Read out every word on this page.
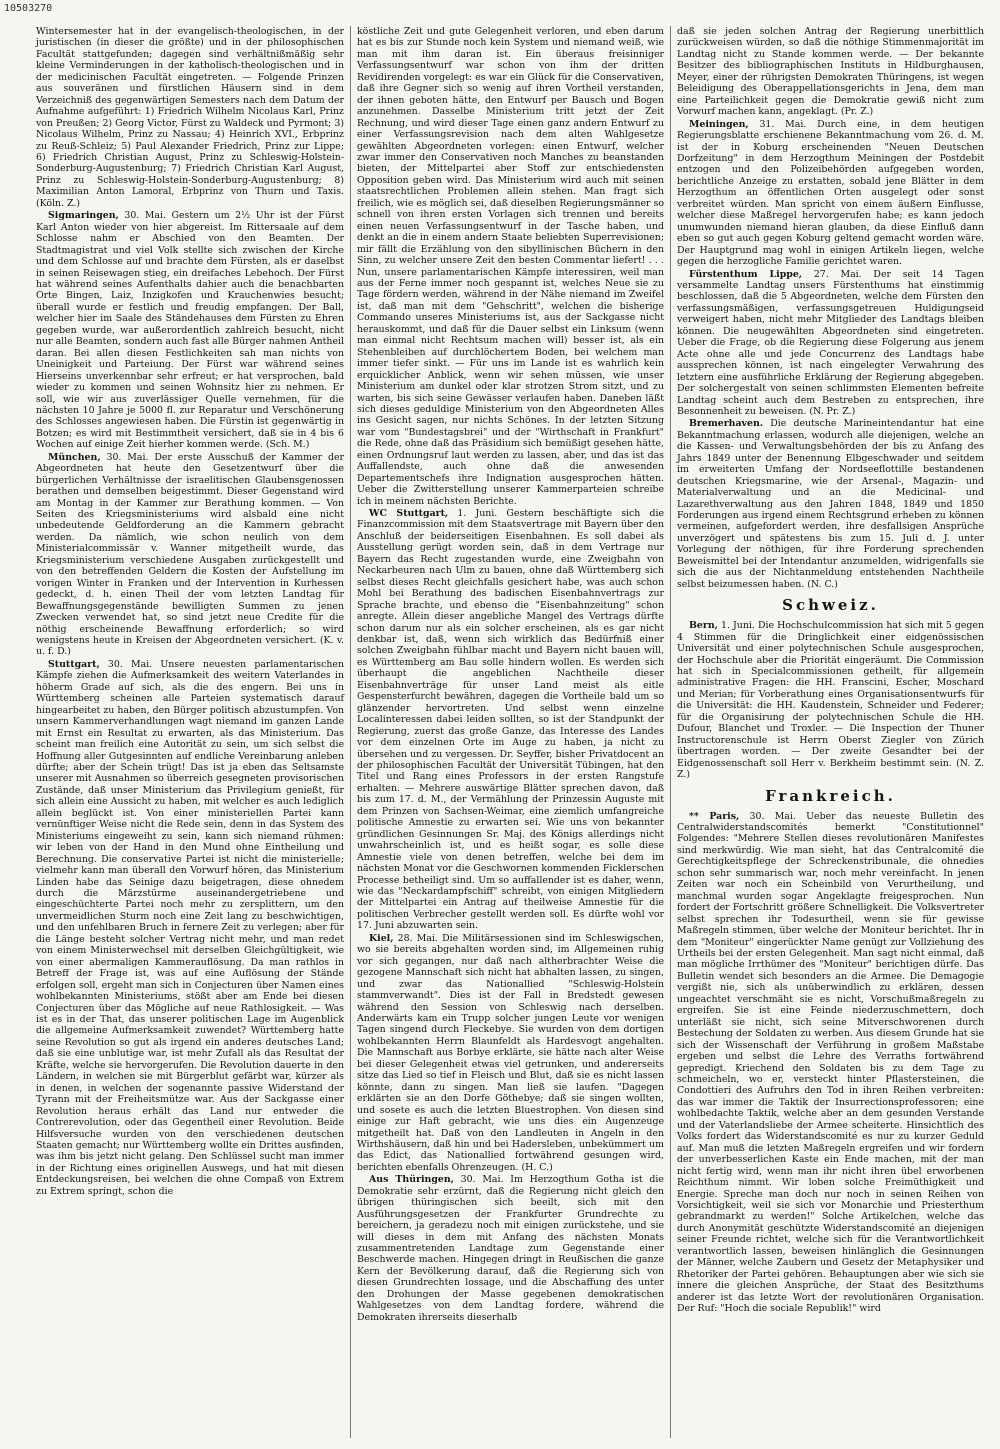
10503270

Wintersemester hat in der evangelisch-theologischen, in der juristischen (in dieser die größte) und in der philosophischen Facultät stattgefunden; dagegen sind verhältnißmäßig sehr kleine Verminderungen in der katholisch-theologischen und in der medicinischen Facultät eingetreten. — Folgende Prinzen aus souveränen und fürstlichen Häusern sind in dem Verzeichniß des gegenwärtigen Semesters nach dem Datum der Aufnahme aufgeführt: 1) Friedrich Wilhelm Nicolaus Karl, Prinz von Preußen; 2) Georg Victor, Fürst zu Waldeck und Pyrmont; 3) Nicolaus Wilhelm, Prinz zu Nassau; 4) Heinrich XVI., Erbprinz zu Reuß-Schleiz; 5) Paul Alexander Friedrich, Prinz zur Lippe; 6) Friedrich Christian August, Prinz zu Schleswig-Holstein-Sonderburg-Augustenburg; 7) Friedrich Christian Karl August, Prinz zu Schleswig-Holstein-Sonderburg-Augustenburg; 8) Maximilian Anton Lamoral, Erbprinz von Thurn und Taxis. (Köln. Z.)

Sigmaringen, 30. Mai. Gestern um 2½ Uhr ist der Fürst Karl Anton wieder von hier abgereist. Im Rittersaale auf dem Schlosse nahm er Abschied von den Beamten. Der Stadtmagistrat und viel Volk stellte sich zwischen der Kirche und dem Schlosse auf und brachte dem Fürsten, als er daselbst in seinen Reisewagen stieg, ein dreifaches Lebehoch. Der Fürst hat während seines Aufenthalts dahier auch die benachbarten Orte Bingen, Laiz, Inzigkofen und Krauchenwies besucht; überall wurde er festlich und freudig empfangen. Der Ball, welcher hier im Saale des Ständehauses dem Fürsten zu Ehren gegeben wurde, war außerordentlich zahlreich besucht, nicht nur alle Beamten, sondern auch fast alle Bürger nahmen Antheil daran. Bei allen diesen Festlichkeiten sah man nichts von Uneinigkeit und Parteiung. Der Fürst war während seines Hierseins unverkennbar sehr erfreut; er hat versprochen, bald wieder zu kommen und seinen Wohnsitz hier zu nehmen. Er soll, wie wir aus zuverlässiger Quelle vernehmen, für die nächsten 10 Jahre je 5000 fl. zur Reparatur und Verschönerung des Schlosses angewiesen haben. Die Fürstin ist gegenwärtig in Botzen; es wird mit Bestimmtheit versichert, daß sie in 4 bis 6 Wochen auf einige Zeit hierher kommen werde. (Sch. M.)

München, 30. Mai. Der erste Ausschuß der Kammer der Abgeordneten hat heute den Gesetzentwurf über die bürgerlichen Verhältnisse der israelitischen Glaubensgenossen berathen und demselben beigestimmt. Dieser Gegenstand wird am Montag in der Kammer zur Berathung kommen. — Von Seiten des Kriegsministeriums wird alsbald eine nicht unbedeutende Geldforderung an die Kammern gebracht werden. Da nämlich, wie schon neulich von dem Ministerialcommissär v. Wanner mitgetheilt wurde, das Kriegsministerium verschiedene Ausgaben zurückgestellt und von den betreffenden Geldern die Kosten der Aufstellung im vorigen Winter in Franken und der Intervention in Kurhessen gedeckt, d. h. einen Theil der vom letzten Landtag für Bewaffnungsgegenstände bewilligten Summen zu jenen Zwecken verwendet hat, so sind jetzt neue Credite für die nöthig erscheinende Bewaffnung erforderlich; so wird wenigstens heute in Kreisen der Abgeordneten versichert. (K. v. u. f. D.)

Stuttgart, 30. Mai. Unsere neuesten parlamentarischen Kämpfe ziehen die Aufmerksamkeit des weitern Vaterlandes in höherm Grade auf sich, als die des engern. Bei uns in Württemberg scheinen alle Parteien systematisch darauf hingearbeitet zu haben, den Bürger politisch abzustumpfen. Von unsern Kammerverhandlungen wagt niemand im ganzen Lande mit Ernst ein Resultat zu erwarten, als das Ministerium. Das scheint man freilich eine Autorität zu sein, um sich selbst die Hoffnung aller Gutgesinnten auf endliche Vereinbarung anleben dürfte; aber der Schein trügt! Das ist ja eben das Seltsamste unserer mit Ausnahmen so überreich gesegneten provisorischen Zustände, daß unser Ministerium das Privilegium genießt, für sich allein eine Aussicht zu haben, mit welcher es auch lediglich allein beglückt ist. Von einer ministeriellen Partei kann vernünftiger Weise nicht die Rede sein, denn in das System des Ministeriums eingeweiht zu sein, kann sich niemand rühmen: wir leben von der Hand in den Mund ohne Eintheilung und Berechnung. Die conservative Partei ist nicht die ministerielle; vielmehr kann man überall den Vorwurf hören, das Ministerium Linden habe das Seinige dazu beigetragen, diese ohnedem durch die Märzstürme auseinandergetriebene und eingeschüchterte Partei noch mehr zu zersplittern, um den unvermeidlichen Sturm noch eine Zeit lang zu beschwichtigen, und den unfehlbaren Bruch in fernere Zeit zu verlegen; aber für die Länge besteht solcher Vertrag nicht mehr, und man redet von einem Ministerwechsel mit derselben Gleichgültigkeit, wie von einer abermaligen Kammerauflösung. Da man rathlos in Betreff der Frage ist, was auf eine Auflösung der Stände erfolgen soll, ergeht man sich in Conjecturen über Namen eines wohlbekannten Ministeriums, stößt aber am Ende bei diesen Conjecturen über das Mögliche auf neue Rathlosigkeit. — Was ist es in der That, das unserer politischen Lage im Augenblick die allgemeine Aufmerksamkeit zuwendet? Württemberg hatte seine Revolution so gut als irgend ein anderes deutsches Land; daß sie eine unblutige war, ist mehr Zufall als das Resultat der Kräfte, welche sie hervorgerufen. Die Revolution dauerte in den Ländern, in welchen sie mit Bürgerblut gefärbt war, kürzer als in denen, in welchen der sogenannte passive Widerstand der Tyrann mit der Freiheitsmütze war. Aus der Sackgasse einer Revolution heraus erhält das Land nur entweder die Contrerevolution, oder das Gegentheil einer Revolution. Beide Hilfsversuche wurden von den verschiedenen deutschen Staaten gemacht; nur Württemberg wollte ein Drittes ausfinden, was ihm bis jetzt nicht gelang. Den Schlüssel sucht man immer in der Richtung eines originellen Auswegs, und hat mit diesen Entdeckungsreisen, bei welchen die ohne Compaß von Extrem zu Extrem springt, schon die

köstliche Zeit und gute Gelegenheit verloren, und eben darum hat es bis zur Stunde noch kein System und niemand weiß, wie man mit ihm daran ist. Ein überaus freisinniger Verfassungsentwurf war schon von ihm der dritten Revidirenden vorgelegt: es war ein Glück für die Conservativen, daß ihre Gegner sich so wenig auf ihren Vortheil verstanden, der ihnen geboten hätte, den Entwurf per Bausch und Bogen anzunehmen. Dasselbe Ministerium tritt jetzt der Zeit Rechnung, und wird dieser Tage einen ganz andern Entwurf zu einer Verfassungsrevision nach dem alten Wahlgesetze gewählten Abgeordneten vorlegen: einen Entwurf, welcher zwar immer den Conservativen noch Manches zu beanstanden bieten, der Mittelpartei aber Stoff zur entschiedensten Opposition geben wird. Das Ministerium wird auch mit seinen staatsrechtlichen Problemen allein stehen. Man fragt sich freilich, wie es möglich sei, daß dieselben Regierungsmänner so schnell von ihren ersten Vorlagen sich trennen und bereits einen neuen Verfassungsentwurf in der Tasche haben, und denkt an die in einem andern Staate beliebten Superrevisionen; mir fällt die Erzählung von den sibyllinischen Büchern in den Sinn, zu welcher unsere Zeit den besten Commentar liefert! . . . Nun, unsere parlamentarischen Kämpfe interessiren, weil man aus der Ferne immer noch gespannt ist, welches Neue sie zu Tage fördern werden, während in der Nähe niemand im Zweifel ist, daß man mit dem "Gehschritt", welchen die bisherige Commando unseres Ministeriums ist, aus der Sackgasse nicht herauskommt, und daß für die Dauer selbst ein Linksum (wenn man einmal nicht Rechtsum machen will) besser ist, als ein Stehenbleiben auf durchlöchertem Boden, bei welchem man immer tiefer sinkt. — Für uns im Lande ist es wahrlich kein erquicklicher Anblick, wenn wir sehen müssen, wie unser Ministerium am dunkel oder klar strotzen Strom sitzt, und zu warten, bis sich seine Gewässer verlaufen haben. Daneben läßt sich dieses geduldige Ministerium von den Abgeordneten Alles ins Gesicht sagen, nur nichts Schönes. In der letzten Sitzung war vom "Bundestagsbrei" und der "Wirthschaft in Frankfurt" die Rede, ohne daß das Präsidium sich bemüßigt gesehen hätte, einen Ordnungsruf laut werden zu lassen, aber, und das ist das Auffallendste, auch ohne daß die anwesenden Departementschefs ihre Indignation ausgesprochen hätten. Ueber die Zwitterstellung unserer Kammerparteien schreibe ich in meinem nächsten Berichte.

WC Stuttgart, 1. Juni. Gestern beschäftigte sich die Finanzcommission mit dem Staatsvertrage mit Bayern über den Anschluß der beiderseitigen Eisenbahnen. Es soll dabei als Ausstellung gerügt worden sein, daß in dem Vertrage nur Bayern das Recht zugestanden wurde, eine Zweigbahn von Neckarbeuren nach Ulm zu bauen, ohne daß Württemberg sich selbst dieses Recht gleichfalls gesichert habe, was auch schon Mohl bei Berathung des badischen Eisenbahnvertrags zur Sprache brachte, und ebenso die "Eisenbahnzeitung" schon anregte. Allein dieser angebliche Mangel des Vertrags dürfte schon darum nur als ein solcher erscheinen, als es gar nicht denkbar ist, daß, wenn sich wirklich das Bedürfniß einer solchen Zweigbahn fühlbar macht und Bayern nicht bauen will, es Württemberg am Bau solle hindern wollen. Es werden sich überhaupt die angeblichen Nachtheile dieser Eisenbahnverträge für unser Land meist als eitle Gespensterfurcht bewähren, dagegen die Vortheile bald um so glänzender hervortreten. Und selbst wenn einzelne Localinteressen dabei leiden sollten, so ist der Standpunkt der Regierung, zuerst das große Ganze, das Interesse des Landes vor dem einzelnen Orte im Auge zu haben, ja nicht zu übersehen und zu vergessen. Dr. Seyffer, bisher Privatdocent an der philosophischen Facultät der Universität Tübingen, hat den Titel und Rang eines Professors in der ersten Rangstufe erhalten. — Mehrere auswärtige Blätter sprechen davon, daß bis zum 17. d. M., der Vermählung der Prinzessin Auguste mit dem Prinzen von Sachsen-Weimar, eine ziemlich umfangreiche politische Amnestie zu erwarten sei. Wie uns von bekannter gründlichen Gesinnungen Sr. Maj. des Königs allerdings nicht unwahrscheinlich ist, und es heißt sogar, es solle diese Amnestie viele von denen betreffen, welche bei dem im nächsten Monat vor die Geschwornen kommenden Ficklerschen Processe betheiligt sind. Um so auffallender ist es daher, wenn, wie das "Neckardampfschiff" schreibt, von einigen Mitgliedern der Mittelpartei ein Antrag auf theilweise Amnestie für die politischen Verbrecher gestellt werden soll. Es dürfte wohl vor 17. Juni abzuwarten sein.

Kiel, 28. Mai. Die Militärsessionen sind im Schleswigschen, wo sie bereits abgehalten worden sind, im Allgemeinen ruhig vor sich gegangen, nur daß nach altherbrachter Weise die gezogene Mannschaft sich nicht hat abhalten lassen, zu singen, und zwar das Nationallied "Schleswig-Holstein stammverwandt". Dies ist der Fall in Bredstedt gewesen während den Session von Schleswig nach derselben. Anderwärts kam ein Trupp solcher jungen Leute vor wenigen Tagen singend durch Fleckebye. Sie wurden von dem dortigen wohlbekannten Herrn Blaunfeldt als Hardesvogt angehalten. Die Mannschaft aus Borbye erklärte, sie hätte nach alter Weise bei dieser Gelegenheit etwas viel getrunken, und andererseits sitze das Lied so tief in Fleisch und Blut, daß sie es nicht lassen könnte, dann zu singen. Man ließ sie laufen. "Dagegen erklärten sie an den Dorfe Göthebye; daß sie singen wollten, und sosete es auch die letzten Bluestrophen. Von diesen sind einige zur Haft gebracht, wie uns dies ein Augenzeuge mitgetheilt hat. Daß von den Landleuten in Angeln in den Wirthshäusern, daß hin und bei Hadersleben, unbekümmert um das Edict, das Nationallied fortwährend gesungen wird, berichten ebenfalls Ohrenzeugen. (H. C.)

Aus Thüringen, 30. Mai. Im Herzogthum Gotha ist die Demokratie sehr erzürnt, daß die Regierung nicht gleich den übrigen thüringischen sich beeilt, sich mit den Ausführungsgesetzen der Frankfurter Grundrechte zu bereichern, ja geradezu noch mit einigen zurückstehe, und sie will dieses in dem mit Anfang des nächsten Monats zusammentretenden Landtage zum Gegenstande einer Beschwerde machen. Hingegen dringt in Reußischen die ganze Kern der Bevölkerung darauf, daß die Regierung sich von diesen Grundrechten lossage, und die Abschaffung des unter den Drohungen der Masse gegebenen demokratischen Wahlgesetzes von dem Landtag fordere, während die Demokraten ihrerseits dieserhalb

daß sie jeden solchen Antrag der Regierung unerbittlich zurückweisen würden, so daß die nöthige Stimmenmajorität im Landtag nicht zu Stande kommen werde. — Der bekannte Besitzer des bibliographischen Instituts in Hildburghausen, Meyer, einer der rührigsten Demokraten Thüringens, ist wegen Beleidigung des Oberappellationsgerichts in Jena, dem man eine Parteilichkeit gegen die Demokratie gewiß nicht zum Vorwurf machen kann, angeklagt. (Pr. Z.)

Meiningen, 31. Mai. Durch eine, in dem heutigen Regierungsblatte erschienene Bekanntmachung vom 26. d. M. ist der in Koburg erscheinenden "Neuen Deutschen Dorfzeitung" in dem Herzogthum Meiningen der Postdebit entzogen und den Polizeibehörden aufgegeben worden, berichtliche Anzeige zu erstatten, sobald jene Blätter in dem Herzogthum an öffentlichen Orten ausgelegt oder sonst verbreitet würden. Man spricht von einem äußern Einflusse, welcher diese Maßregel hervorgerufen habe; es kann jedoch unumwunden niemand hieran glauben, da diese Einfluß dann eben so gut auch gegen Koburg geltend gemacht worden wäre. Der Hauptgrund mag wohl in einigen Artikeln liegen, welche gegen die herzogliche Familie gerichtet waren.

Fürstenthum Lippe, 27. Mai. Der seit 14 Tagen versammelte Landtag unsers Fürstenthums hat einstimmig beschlossen, daß die 5 Abgeordneten, welche dem Fürsten den verfassungsmäßigen, verfassungsgetreuen Huldigungseid verweigert haben, nicht mehr Mitglieder des Landtags bleiben können. Die neugewählten Abgeordneten sind eingetreten. Ueber die Frage, ob die Regierung diese Folgerung aus jenem Acte ohne alle und jede Concurrenz des Landtags habe aussprechen können, ist nach eingelegter Verwahrung des letztern eine ausführliche Erklärung der Regierung abgegeben. Der solchergestalt von seinen schlimmsten Elementen befreite Landtag scheint auch dem Bestreben zu entsprechen, ihre Besonnenheit zu beweisen. (N. Pr. Z.)

Bremerhaven. Die deutsche Marineintendantur hat eine Bekanntmachung erlassen, wodurch alle diejenigen, welche an die Kassen- und Verwaltungsbehörden der bis zu Anfang des Jahrs 1849 unter der Benennung Elbgeschwader und seitdem im erweiterten Umfang der Nordseeflottille bestandenen deutschen Kriegsmarine, wie der Arsenal-, Magazin- und Materialverwaltung und an die Medicinal- und Lazarethverwaltung aus den Jahren 1848, 1849 und 1850 Forderungen aus irgend einem Rechtsgrund erheben zu können vermeinen, aufgefordert werden, ihre desfallsigen Ansprüche unverzögert und spätestens bis zum 15. Juli d. J. unter Vorlegung der nöthigen, für ihre Forderung sprechenden Beweismittel bei der Intendantur anzumelden, widrigenfalls sie sich die aus der Nichtanmeldung entstehenden Nachtheile selbst beizumessen haben. (N. C.)

Schweiz.

Bern, 1. Juni. Die Hochschulcommission hat sich mit 5 gegen 4 Stimmen für die Dringlichkeit einer eidgenössischen Universität und einer polytechnischen Schule ausgesprochen, der Hochschule aber die Priorität eingeräumt. Die Commission hat sich in Specialcommissionen getheilt, für allgemein administrative Fragen: die HH. Franscini, Escher, Moschard und Merian; für Vorberathung eines Organisationsentwurfs für die Universität: die HH. Kaudenstein, Schneider und Federer; für die Organisirung der polytechnischen Schule die HH. Dufour, Blanchet und Troxler. — Die Inspection der Thuner Instructorenschule ist Herrn Oberst Ziegler von Zürich übertragen worden. — Der zweite Gesandter bei der Eidgenossenschaft soll Herr v. Berkheim bestimmt sein. (N. Z. Z.)

Frankreich.

** Paris, 30. Mai. Ueber das neueste Bulletin des Centralwiderstandscomités bemerkt "Constitutionnel" Folgendes: "Mehrere Stellen dieses revolutionären Manifestes sind merkwürdig. Wie man sieht, hat das Centralcomité die Gerechtigkeitspflege der Schreckenstribunale, die ohnedies schon sehr summarisch war, noch mehr vereinfacht. In jenen Zeiten war noch ein Scheinbild von Verurtheilung, und manchmal wurden sogar Angeklagte freigesprochen. Nun fordert der Fortschritt größere Schnelligkeit. Die Volksvertreter selbst sprechen ihr Todesurtheil, wenn sie für gewisse Maßregeln stimmen, über welche der Moniteur berichtet. Ihr in dem "Moniteur" eingerückter Name genügt zur Vollziehung des Urtheils bei der ersten Gelegenheit. Man sagt nicht einmal, daß man mögliche Irrthümer des "Moniteur" berichtigen dürfe. Das Bulletin wendet sich besonders an die Armee. Die Demagogie vergißt nie, sich als unüberwindlich zu erklären, dessen ungeachtet verschmäht sie es nicht, Vorschußmaßregeln zu ergreifen. Sie ist eine Feinde niederzuschmettern, doch unterläßt sie nicht, sich seine Mitverschworenen durch Bestechung der Soldaten zu werben. Aus diesem Grunde hat sie sich der Wissenschaft der Verführung in großem Maßstabe ergeben und selbst die Lehre des Verraths fortwährend gepredigt. Kriechend den Soldaten bis zu dem Tage zu schmeicheln, wo er, versteckt hinter Pflastersteinen, die Condottieri des Aufruhrs den Tod in ihren Reihen verbreiten: das war immer die Taktik der Insurrectionsprofessoren; eine wohlbedachte Taktik, welche aber an dem gesunden Verstande und der Vaterlandsliebe der Armee scheiterte. Hinsichtlich des Volks fordert das Widerstandscomité es nur zu kurzer Geduld auf. Man muß die letzten Maßregeln ergreifen und wir fordern der unverbesserlichen Kaste ein Ende machen, mit der man nicht fertig wird, wenn man ihr nicht ihren übel erworbenen Reichthum nimmt. Wir loben solche Freimüthigkeit und Energie. Spreche man doch nur noch in seinen Reihen von Vorsichtigkeit, weil sie sich vor Monarchie und Priesterthum gebrandmarkt zu werden!" Solche Artikelchen, welche das durch Anonymität geschützte Widerstandscomité an diejenigen seiner Freunde richtet, welche sich für die Verantwortlichkeit verantwortlich lassen, beweisen hinlänglich die Gesinnungen der Männer, welche Zaubern und Gesetz der Metaphysiker und Rhetoriker der Partei gehören. Behauptungen aber wie sich sie innere die gleichen Ansprüche, der Staat des Besitzthums anderer ist das letzte Wort der revolutionären Organisation. Der Ruf: "Hoch die sociale Republik!" wird
